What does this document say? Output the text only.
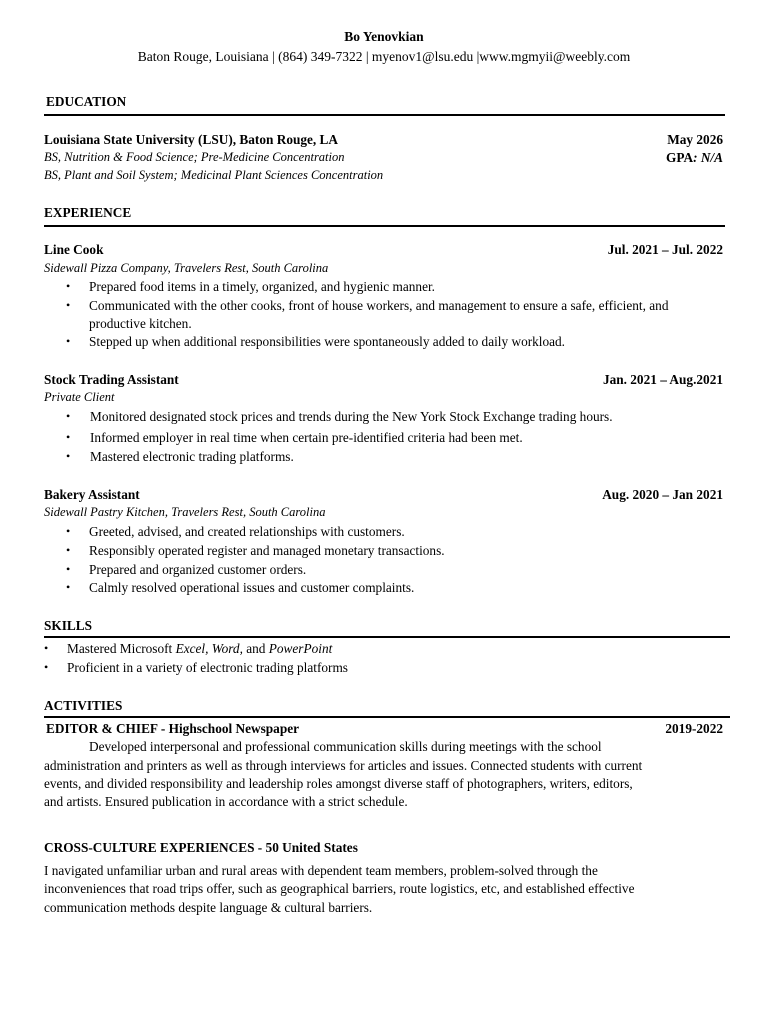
Bo Yenovkian
Baton Rouge, Louisiana | (864) 349-7322 | myenov1@lsu.edu |www.mgmyii@weebly.com
EDUCATION
Louisiana State University (LSU), Baton Rouge, LA	May 2026
BS, Nutrition & Food Science; Pre-Medicine Concentration	GPA: N/A
BS, Plant and Soil System; Medicinal Plant Sciences Concentration
EXPERIENCE
Line Cook	Jul. 2021 – Jul. 2022
Sidewall Pizza Company, Travelers Rest, South Carolina
• Prepared food items in a timely, organized, and hygienic manner.
• Communicated with the other cooks, front of house workers, and management to ensure a safe, efficient, and
productive kitchen.
• Stepped up when additional responsibilities were spontaneously added to daily workload.
Stock Trading Assistant	Jan. 2021 – Aug.2021
Private Client
• Monitored designated stock prices and trends during the New York Stock Exchange trading hours.
• Informed employer in real time when certain pre-identified criteria had been met.
• Mastered electronic trading platforms.
Bakery Assistant	Aug. 2020 – Jan 2021
Sidewall Pastry Kitchen, Travelers Rest, South Carolina
• Greeted, advised, and created relationships with customers.
• Responsibly operated register and managed monetary transactions.
• Prepared and organized customer orders.
• Calmly resolved operational issues and customer complaints.
SKILLS
• Mastered Microsoft Excel, Word, and PowerPoint
• Proficient in a variety of electronic trading platforms
ACTIVITIES
EDITOR & CHIEF - Highschool Newspaper	2019-2022
Developed interpersonal and professional communication skills during meetings with the school
administration and printers as well as through interviews for articles and issues. Connected students with current
events, and divided responsibility and leadership roles amongst diverse staff of photographers, writers, editors,
and artists. Ensured publication in accordance with a strict schedule.
CROSS-CULTURE EXPERIENCES - 50 United States
I navigated unfamiliar urban and rural areas with dependent team members, problem-solved through the
inconveniences that road trips offer, such as geographical barriers, route logistics, etc, and established effective
communication methods despite language & cultural barriers.
